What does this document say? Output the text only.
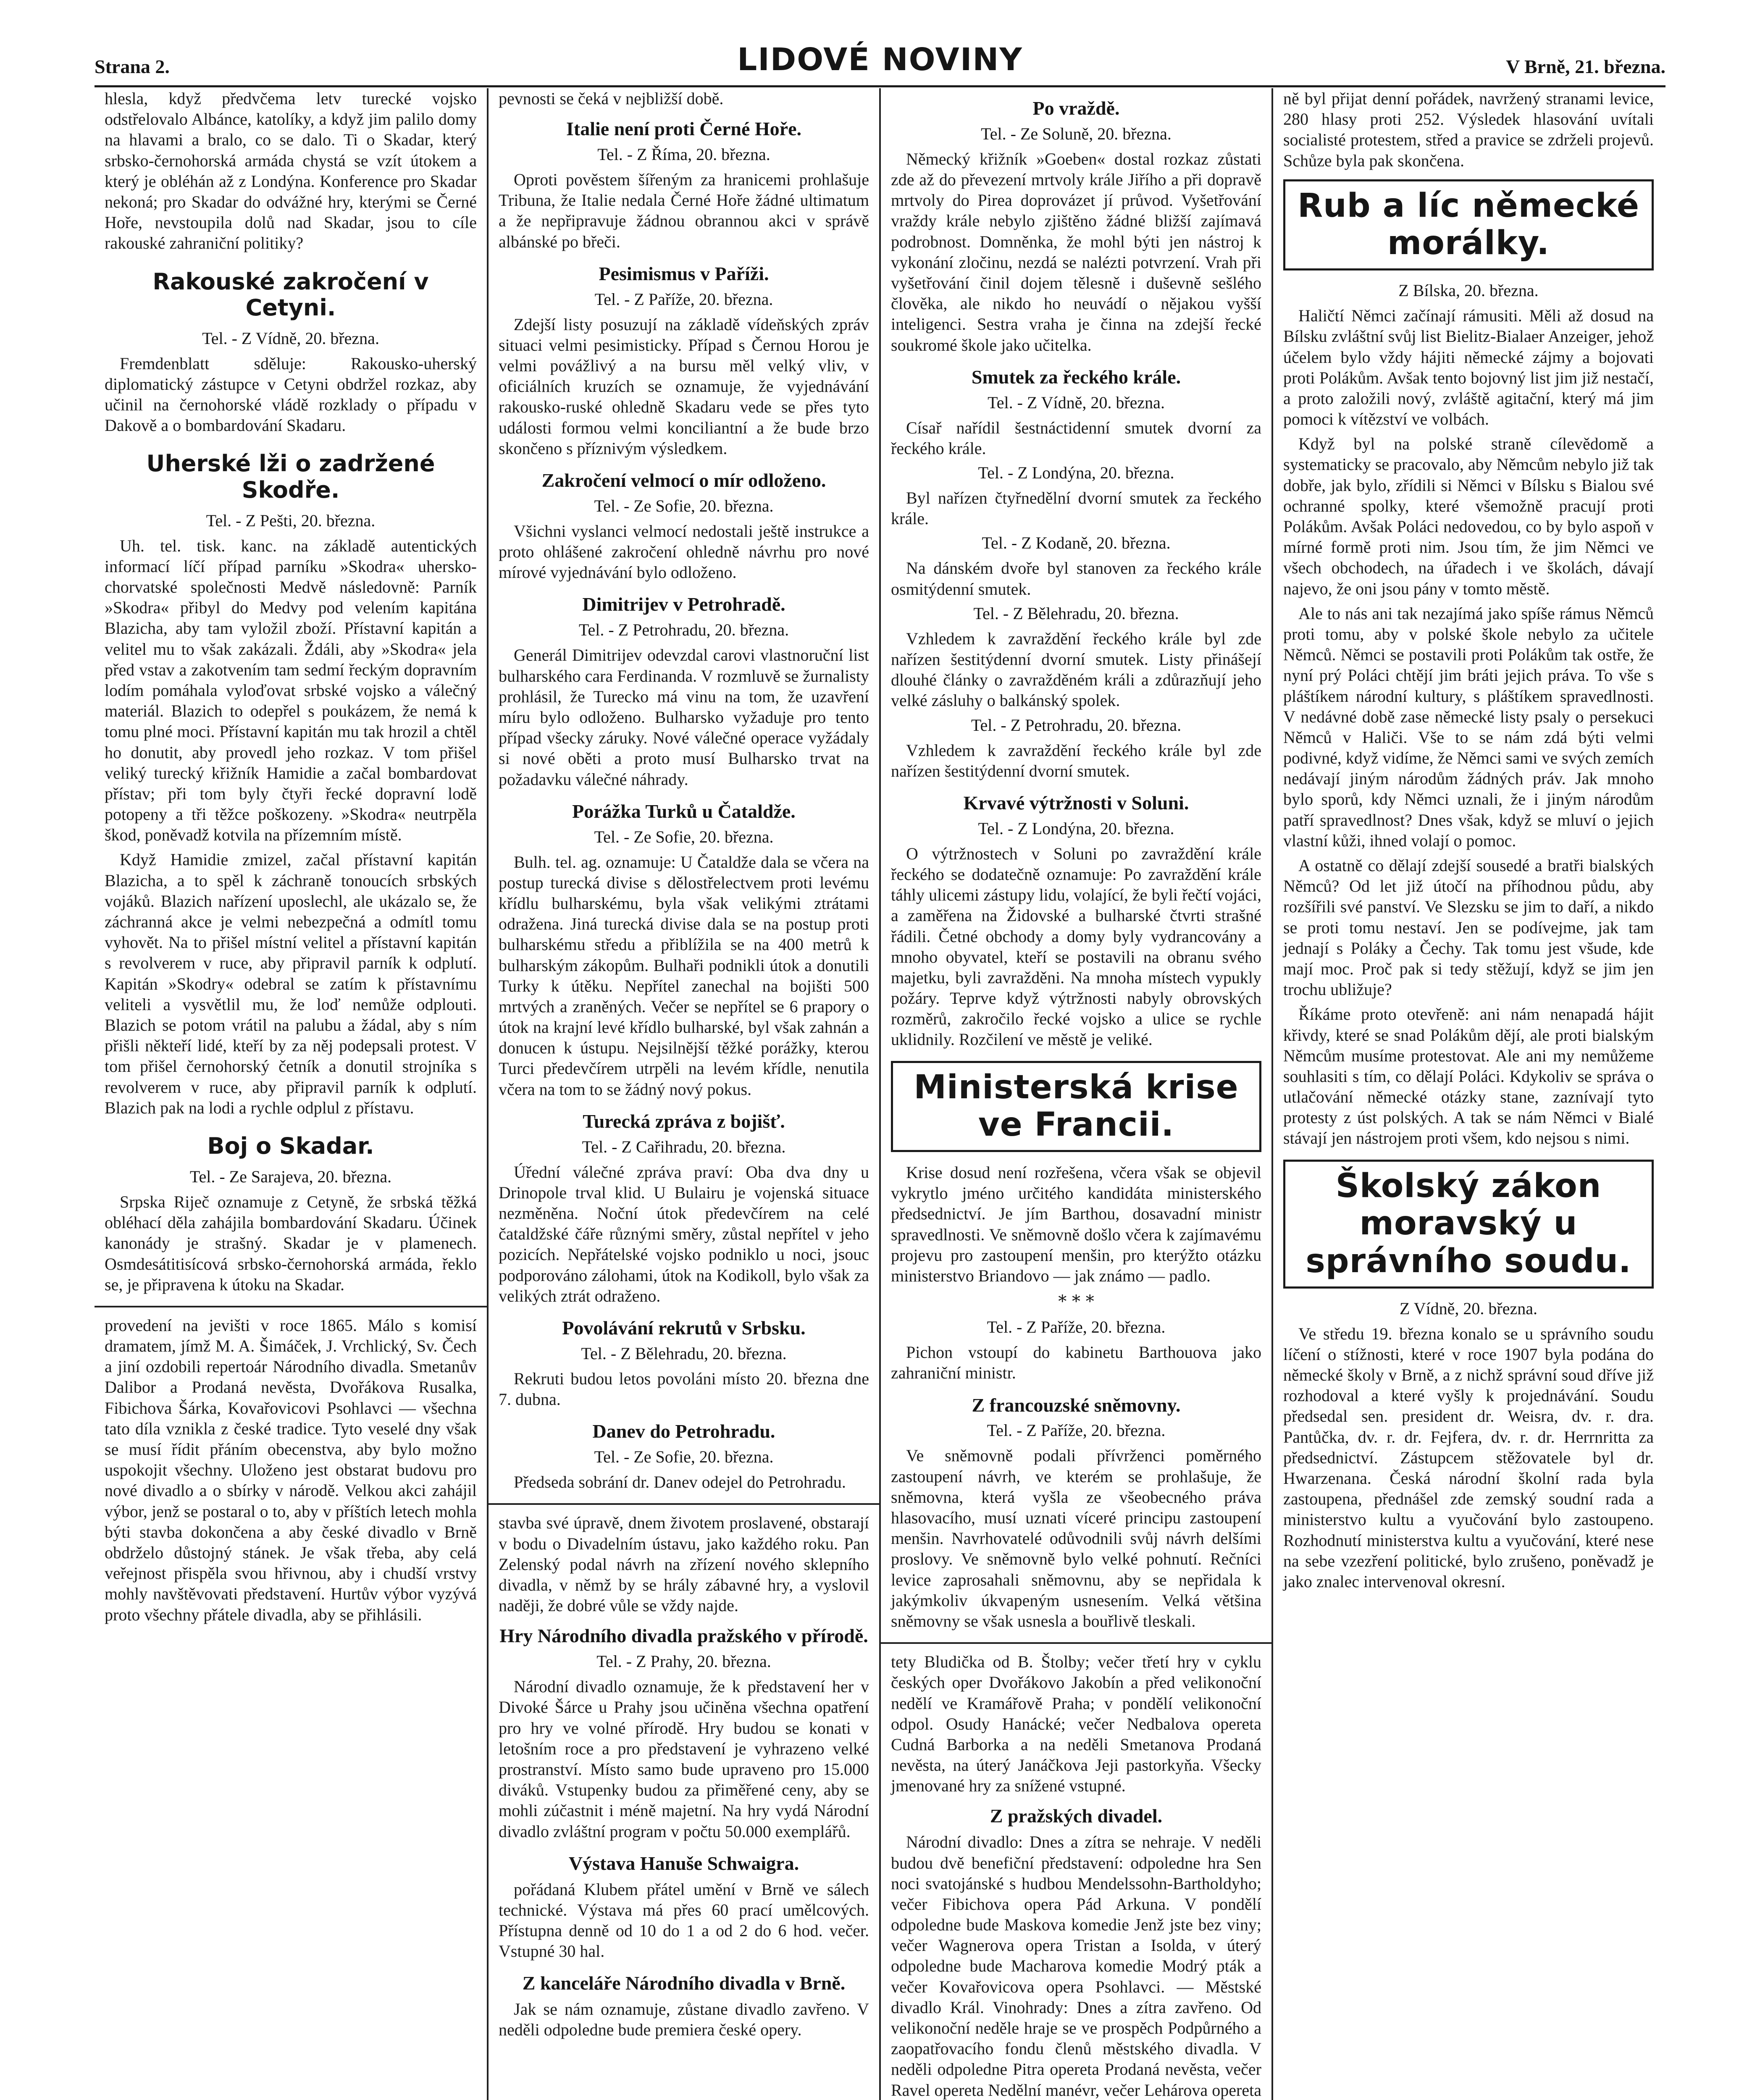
Strana 2.	LIDOVÉ NOVINY	V Brně, 21. března.

hlesla, když předvčema letv turecké vojsko odstřelovalo Albánce, katolíky, a když jim palilo domy na hlavami a bralo, co se dalo. Ti o Skadar, který srbsko-černohorská armáda chystá se vzít útokem a který je obléhán až z Londýna. Konference pro Skadar nekoná; pro Skadar do odvážné hry, kterými se Černé Hoře, nevstoupila dolů nad Skadar, jsou to cíle rakouské zahraniční politiky?

Rakouské zakročení v Cetyni.
Tel. - Z Vídně, 20. března.

Fremdenblatt sděluje: Rakousko-uherský diplomatický zástupce v Cetyni obdržel rozkaz, aby učinil na černohorské vládě rozklady o případu v Dakově a o bombardování Skadaru.

Uherské lži o zadržené Skodře.
Tel. - Z Pešti, 20. března.

Uh. tel. tisk. kanc. na základě autentických informací líčí případ parníku »Skodra« uhersko-chorvatské společnosti Medvě následovně: Parník »Skodra« přibyl do Medvy pod velením kapitána Blazicha, aby tam vyložil zboží. Přístavní kapitán a velitel mu to však zakázali. Ždáli, aby »Skodra« jela před vstav a zakotvením tam sedmí řeckým dopravním lodím pomáhala vyloďovat srbské vojsko a válečný materiál. Blazich to odepřel s poukázem, že nemá k tomu plné moci. Přístavní kapitán mu tak hrozil a chtěl ho donutit, aby provedl jeho rozkaz. V tom přišel veliký turecký křižník Hamidie a začal bombardovat přístav; při tom byly čtyři řecké dopravní lodě potopeny a tři těžce poškozeny. »Skodra« neutrpěla škod, poněvadž kotvila na přízemním místě.

Když Hamidie zmizel, začal přístavní kapitán Blazicha, a to spěl k záchraně tonoucích srbských vojáků. Blazich nařízení uposlechl, ale ukázalo se, že záchranná akce je velmi nebezpečná a odmítl tomu vyhovět. Na to přišel místní velitel a přístavní kapitán s revolverem v ruce, aby připravil parník k odplutí. Kapitán »Skodry« odebral se zatím k přístavnímu veliteli a vysvětlil mu, že loď nemůže odplouti. Blazich se potom vrátil na palubu a žádal, aby s ním přišli někteří lidé, kteří by za něj podepsali protest. V tom přišel černohorský četník a donutil strojníka s revolverem v ruce, aby připravil parník k odplutí. Blazich pak na lodi a rychle odplul z přístavu.

Boj o Skadar.
Tel. - Ze Sarajeva, 20. března.

Srpska Riječ oznamuje z Cetyně, že srbská těžká obléhací děla zahájila bombardování Skadaru. Účinek kanonády je strašný. Skadar je v plamenech. Osmdesátitisícová srbsko-černohorská armáda, řeklo se, je připravena k útoku na Skadar.

provedení na jevišti v roce 1865. Málo s komisí dramatem, jímž M. A. Šimáček, J. Vrchlický, Sv. Čech a jiní ozdobili repertoár Národního divadla. Smetanův Dalibor a Prodaná nevěsta, Dvořákova Rusalka, Fibichova Šárka, Kovařovicovi Psohlavci — všechna tato díla vznikla z české tradice. Tyto veselé dny však se musí řídit přáním obecenstva, aby bylo možno uspokojit všechny. Uloženo jest obstarat budovu pro nové divadlo a o sbírky v národě. Velkou akci zahájil výbor, jenž se postaral o to, aby v příštích letech mohla býti stavba dokončena a aby české divadlo v Brně obdrželo důstojný stánek. Je však třeba, aby celá veřejnost přispěla svou hřivnou, aby i chudší vrstvy mohly navštěvovati představení. Hurtův výbor vyzývá proto všechny přátele divadla, aby se přihlásili.

pevnosti se čeká v nejbližší době.

Italie není proti Černé Hoře.
Tel. - Z Říma, 20. března.

Oproti pověstem šířeným za hranicemi prohlašuje Tribuna, že Italie nedala Černé Hoře žádné ultimatum a že nepřipravuje žádnou obrannou akci v správě albánské po břeči.

Pesimismus v Paříži.
Tel. - Z Paříže, 20. března.

Zdejší listy posuzují na základě vídeňských zpráv situaci velmi pesimisticky. Případ s Černou Horou je velmi povážlivý a na bursu měl velký vliv, v oficiálních kruzích se oznamuje, že vyjednávání rakousko-ruské ohledně Skadaru vede se přes tyto události formou velmi konciliantní a že bude brzo skončeno s příznivým výsledkem.

Zakročení velmocí o mír odloženo.
Tel. - Ze Sofie, 20. března.

Všichni vyslanci velmocí nedostali ještě instrukce a proto ohlášené zakročení ohledně návrhu pro nové mírové vyjednávání bylo odloženo.

Dimitrijev v Petrohradě.
Tel. - Z Petrohradu, 20. března.

Generál Dimitrijev odevzdal carovi vlastnoruční list bulharského cara Ferdinanda. V rozmluvě se žurnalisty prohlásil, že Turecko má vinu na tom, že uzavření míru bylo odloženo. Bulharsko vyžaduje pro tento případ všecky záruky. Nové válečné operace vyžádaly si nové oběti a proto musí Bulharsko trvat na požadavku válečné náhrady.

Porážka Turků u Čataldže.
Tel. - Ze Sofie, 20. března.

Bulh. tel. ag. oznamuje: U Čataldže dala se včera na postup turecká divise s dělostřelectvem proti levému křídlu bulharskému, byla však velikými ztrátami odražena. Jiná turecká divise dala se na postup proti bulharskému středu a přiblížila se na 400 metrů k bulharským zákopům. Bulhaři podnikli útok a donutili Turky k útěku. Nepřítel zanechal na bojišti 500 mrtvých a zraněných. Večer se nepřítel se 6 prapory o útok na krajní levé křídlo bulharské, byl však zahnán a donucen k ústupu. Nejsilnější těžké porážky, kterou Turci předevčírem utrpěli na levém křídle, nenutila včera na tom to se žádný nový pokus.

Turecká zpráva z bojišť.
Tel. - Z Cařihradu, 20. března.

Úřední válečné zpráva praví: Oba dva dny u Drinopole trval klid. U Bulairu je vojenská situace nezměněna. Noční útok předevčírem na celé čataldžské čáře různými směry, zůstal nepřítel v jeho pozicích. Nepřátelské vojsko podniklo u noci, jsouc podporováno zálohami, útok na Kodikoll, bylo však za velikých ztrát odraženo.

Povolávání rekrutů v Srbsku.
Tel. - Z Bělehradu, 20. března.

Rekruti budou letos povoláni místo 20. března dne 7. dubna.

Danev do Petrohradu.
Tel. - Ze Sofie, 20. března.

Předseda sobrání dr. Danev odejel do Petrohradu.

stavba své úpravě, dnem životem proslavené, obstarají v bodu o Divadelním ústavu, jako každého roku. Pan Zelenský podal návrh na zřízení nového sklepního divadla, v němž by se hrály zábavné hry, a vyslovil naději, že dobré vůle se vždy najde.

Hry Národního divadla pražského v přírodě.
Tel. - Z Prahy, 20. března.

Národní divadlo oznamuje, že k představení her v Divoké Šárce u Prahy jsou učiněna všechna opatření pro hry ve volné přírodě. Hry budou se konati v letošním roce a pro představení je vyhrazeno velké prostranství. Místo samo bude upraveno pro 15.000 diváků. Vstupenky budou za přiměřené ceny, aby se mohli zúčastnit i méně majetní. Na hry vydá Národní divadlo zvláštní program v počtu 50.000 exemplářů.

Výstava Hanuše Schwaigra.

pořádaná Klubem přátel umění v Brně ve sálech technické. Výstava má přes 60 prací umělcových. Přístupna denně od 10 do 1 a od 2 do 6 hod. večer. Vstupné 30 hal.

Z kanceláře Národního divadla v Brně.

Jak se nám oznamuje, zůstane divadlo zavřeno. V neděli odpoledne bude premiera české opery.

Po vraždě.
Tel. - Ze Soluně, 20. března.

Německý křižník »Goeben« dostal rozkaz zůstati zde až do převezení mrtvoly krále Jiřího a při dopravě mrtvoly do Pirea doprovázet jí průvod. Vyšetřování vraždy krále nebylo zjištěno žádné bližší zajímavá podrobnost. Domněnka, že mohl býti jen nástroj k vykonání zločinu, nezdá se nalézti potvrzení. Vrah při vyšetřování činil dojem tělesně i duševně sešlého člověka, ale nikdo ho neuvádí o nějakou vyšší inteligenci. Sestra vraha je činna na zdejší řecké soukromé škole jako učitelka.

Smutek za řeckého krále.
Tel. - Z Vídně, 20. března.

Císař nařídil šestnáctidenní smutek dvorní za řeckého krále.

Tel. - Z Londýna, 20. března.

Byl nařízen čtyřnedělní dvorní smutek za řeckého krále.

Tel. - Z Kodaně, 20. března.

Na dánském dvoře byl stanoven za řeckého krále osmitýdenní smutek.

Tel. - Z Bělehradu, 20. března.

Vzhledem k zavraždění řeckého krále byl zde nařízen šestitýdenní dvorní smutek. Listy přinášejí dlouhé články o zavražděném králi a zdůrazňují jeho velké zásluhy o balkánský spolek.

Tel. - Z Petrohradu, 20. března.

Vzhledem k zavraždění řeckého krále byl zde nařízen šestitýdenní dvorní smutek.

Krvavé výtržnosti v Soluni.
Tel. - Z Londýna, 20. března.

O výtržnostech v Soluni po zavraždění krále řeckého se dodatečně oznamuje: Po zavraždění krále táhly ulicemi zástupy lidu, volající, že byli řečtí vojáci, a zaměřena na Židovské a bulharské čtvrti strašné řádili. Četné obchody a domy byly vydrancovány a mnoho obyvatel, kteří se postavili na obranu svého majetku, byli zavražděni. Na mnoha místech vypukly požáry. Teprve když výtržnosti nabyly obrovských rozměrů, zakročilo řecké vojsko a ulice se rychle uklidnily. Rozčilení ve městě je veliké.

Ministerská krise ve Francii.

Krise dosud není rozřešena, včera však se objevil vykrytlo jméno určitého kandidáta ministerského předsednictví. Je jím Barthou, dosavadní ministr spravedlnosti. Ve sněmovně došlo včera k zajímavému projevu pro zastoupení menšin, pro kterýžto otázku ministerstvo Briandovo — jak známo — padlo.

* * *
Tel. - Z Paříže, 20. března.

Pichon vstoupí do kabinetu Barthouova jako zahraniční ministr.

Z francouzské sněmovny.
Tel. - Z Paříže, 20. března.

Ve sněmovně podali přívrženci poměrného zastoupení návrh, ve kterém se prohlašuje, že sněmovna, která vyšla ze všeobecného práva hlasovacího, musí uznati víceré principu zastoupení menšin. Navrhovatelé odůvodnili svůj návrh delšími proslovy. Ve sněmovně bylo velké pohnutí. Rečníci levice zaprosahali sněmovnu, aby se nepřidala k jakýmkoliv úkvapeným usnesením. Velká většina sněmovny se však usnesla a bouřlivě tleskali.

tety Bludička od B. Štolby; večer třetí hry v cyklu českých oper Dvořákovo Jakobín a před velikonoční nedělí ve Kramářově Praha; v pondělí velikonoční odpol. Osudy Hanácké; večer Nedbalova opereta Cudná Barborka a na neděli Smetanova Prodaná nevěsta, na úterý Janáčkova Jeji pastorkyňa. Všecky jmenované hry za snížené vstupné.

Z pražských divadel.

Národní divadlo: Dnes a zítra se nehraje. V neděli budou dvě benefiční představení: odpoledne hra Sen noci svatojánské s hudbou Mendelssohn-Bartholdyho; večer Fibichova opera Pád Arkuna. V pondělí odpoledne bude Maskova komedie Jenž jste bez viny; večer Wagnerova opera Tristan a Isolda, v úterý odpoledne bude Macharova komedie Modrý pták a večer Kovařovicova opera Psohlavci. — Městské divadlo Král. Vinohrady: Dnes a zítra zavřeno. Od velikonoční neděle hraje se ve prospěch Podpůrného a zaopatřovacího fondu členů městského divadla. V neděli odpoledne Pitra opereta Prodaná nevěsta, večer Ravel opereta Nedělní manévr, večer Lehárova opereta

ně byl přijat denní pořádek, navržený stranami levice, 280 hlasy proti 252. Výsledek hlasování uvítali socialisté protestem, střed a pravice se zdrželi projevů. Schůze byla pak skončena.

Rub a líc německé morálky.
Z Bílska, 20. března.

Haličtí Němci začínají rámusiti. Měli až dosud na Bílsku zvláštní svůj list Bielitz-Bialaer Anzeiger, jehož účelem bylo vždy hájiti německé zájmy a bojovati proti Polákům. Avšak tento bojovný list jim již nestačí, a proto založili nový, zvláště agitační, který má jim pomoci k vítězství ve volbách.

Když byl na polské straně cílevědomě a systematicky se pracovalo, aby Němcům nebylo již tak dobře, jak bylo, zřídili si Němci v Bílsku s Bialou své ochranné spolky, které všemožně pracují proti Polákům. Avšak Poláci nedovedou, co by bylo aspoň v mírné formě proti nim. Jsou tím, že jim Němci ve všech obchodech, na úřadech i ve školách, dávají najevo, že oni jsou pány v tomto městě.

Ale to nás ani tak nezajímá jako spíše rámus Němců proti tomu, aby v polské škole nebylo za učitele Němců. Němci se postavili proti Polákům tak ostře, že nyní prý Poláci chtějí jim bráti jejich práva. To vše s pláštíkem národní kultury, s pláštíkem spravedlnosti. V nedávné době zase německé listy psaly o persekuci Němců v Haliči. Vše to se nám zdá býti velmi podivné, když vidíme, že Němci sami ve svých zemích nedávají jiným národům žádných práv. Jak mnoho bylo sporů, kdy Němci uznali, že i jiným národům patří spravedlnost? Dnes však, když se mluví o jejich vlastní kůži, ihned volají o pomoc.

A ostatně co dělají zdejší sousedé a bratři bialských Němců? Od let již útočí na příhodnou půdu, aby rozšířili své panství. Ve Slezsku se jim to daří, a nikdo se proti tomu nestaví. Jen se podívejme, jak tam jednají s Poláky a Čechy. Tak tomu jest všude, kde mají moc. Proč pak si tedy stěžují, když se jim jen trochu ubližuje?

Říkáme proto otevřeně: ani nám nenapadá hájit křivdy, které se snad Polákům dějí, ale proti bialským Němcům musíme protestovat. Ale ani my nemůžeme souhlasiti s tím, co dělají Poláci. Kdykoliv se správa o utlačování německé otázky stane, zaznívají tyto protesty z úst polských. A tak se nám Němci v Bialé stávají jen nástrojem proti všem, kdo nejsou s nimi.

Školský zákon moravský u správního soudu.
Z Vídně, 20. března.

Ve středu 19. března konalo se u správního soudu líčení o stížnosti, které v roce 1907 byla podána do německé školy v Brně, a z nichž správní soud dříve již rozhodoval a které vyšly k projednávání. Soudu předsedal sen. president dr. Weisra, dv. r. dra. Pantůčka, dv. r. dr. Fejfera, dv. r. dr. Herrnritta za předsednictví. Zástupcem stěžovatele byl dr. Hwarzenana. Česká národní školní rada byla zastoupena, přednášel zde zemský soudní rada a ministerstvo kultu a vyučování bylo zastoupeno. Rozhodnutí ministerstva kultu a vyučování, které nese na sebe vzezření politické, bylo zrušeno, poněvadž je jako znalec intervenoval okresní.
